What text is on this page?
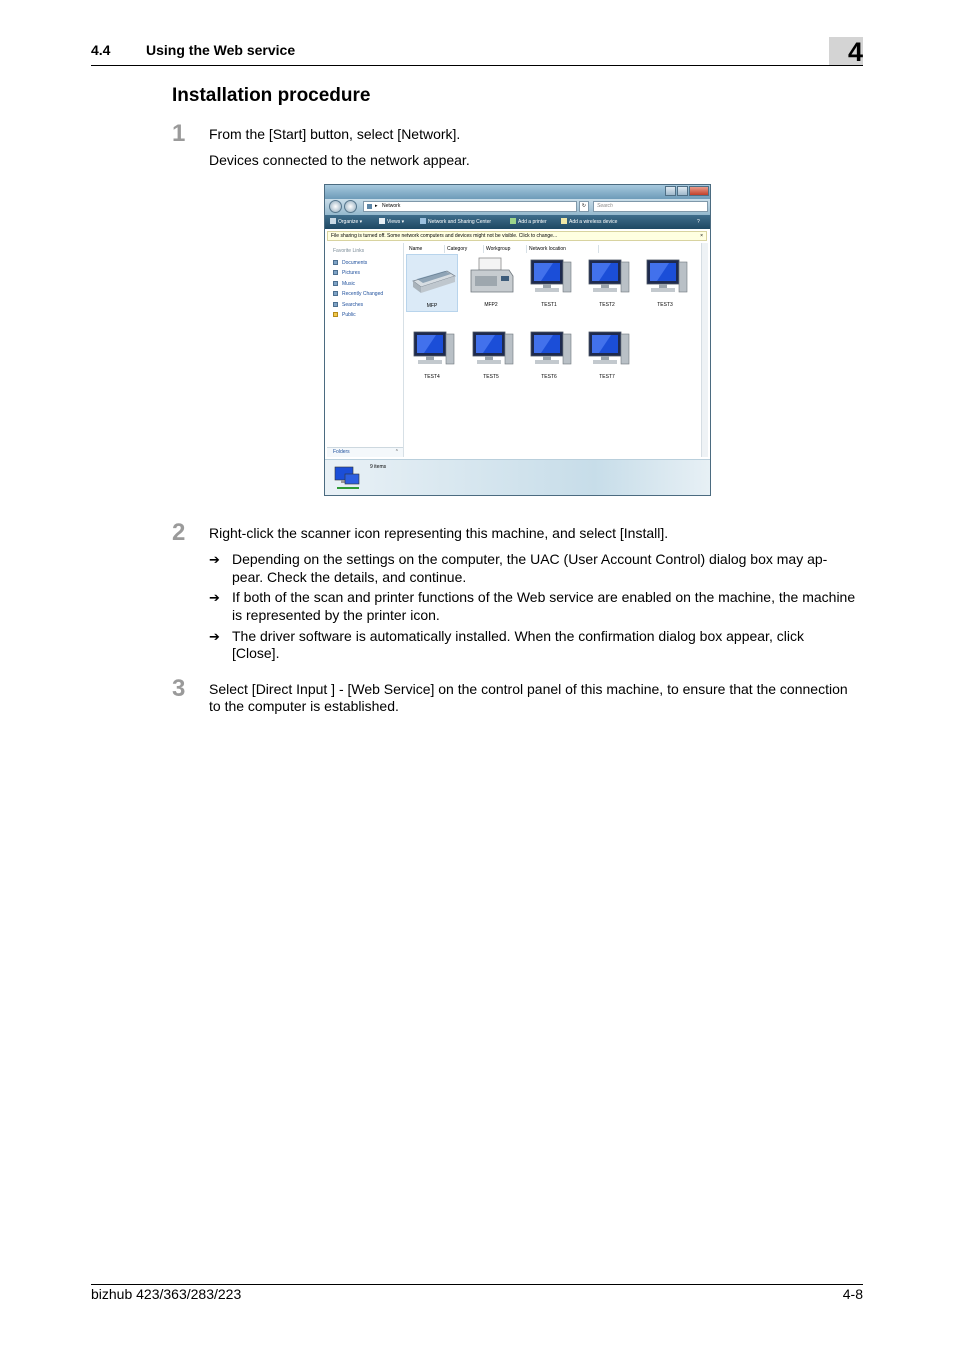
4.4	Using the Web service	4
Installation procedure
1 From the [Start] button, select [Network].
Devices connected to the network appear.
▸ Network	↻	Search
Organize ▾	Views ▾	Network and Sharing Center	Add a printer	Add a wireless device	?
File sharing is turned off. Some network computers and devices might not be visible. Click to change...	×
Favorite Links
Documents
Pictures
Music
Recently Changed
Searches
Public
Folders	⌃
Name	Category	Workgroup	Network location
MFP	MFP2	TEST1	TEST2	TEST3
TEST4	TEST5	TEST6	TEST7
9 items
2 Right-click the scanner icon representing this machine, and select [Install].
➔ Depending on the settings on the computer, the UAC (User Account Control) dialog box may ap-
pear. Check the details, and continue.
➔ If both of the scan and printer functions of the Web service are enabled on the machine, the machine
is represented by the printer icon.
➔ The driver software is automatically installed. When the confirmation dialog box appear, click
[Close].
3 Select [Direct Input ] - [Web Service] on the control panel of this machine, to ensure that the connection
to the computer is established.
bizhub 423/363/283/223	4-8
